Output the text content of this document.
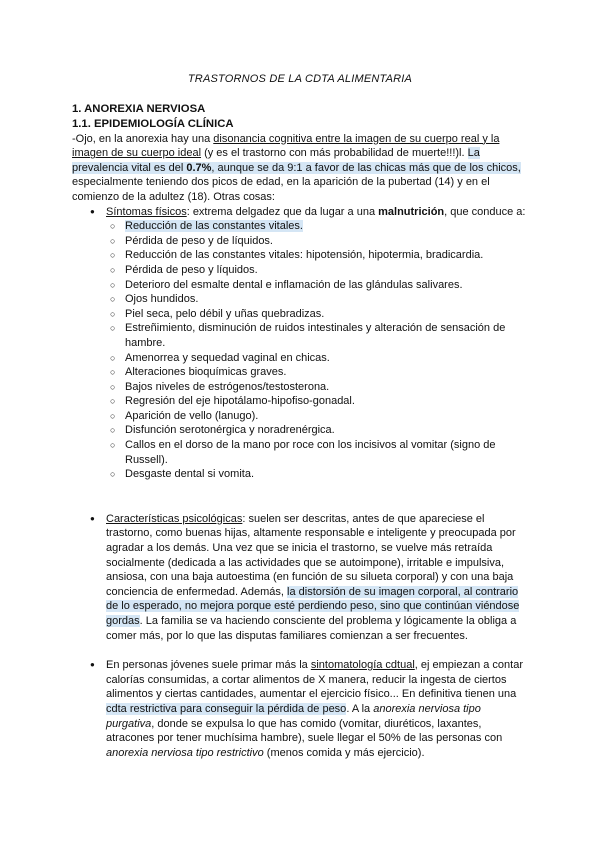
TRASTORNOS DE LA CDTA ALIMENTARIA

1. ANOREXIA NERVIOSA

1.1. EPIDEMIOLOGÍA CLÍNICA

-Ojo, en la anorexia hay una disonancia cognitiva entre la imagen de su cuerpo real y la imagen de su cuerpo ideal (y es el trastorno con más probabilidad de muerte!!!)l. La prevalencia vital es del 0.7%, aunque se da 9:1 a favor de las chicas más que de los chicos, especialmente teniendo dos picos de edad, en la aparición de la pubertad (14) y en el comienzo de la adultez (18). Otras cosas:

● Síntomas físicos: extrema delgadez que da lugar a una malnutrición, que conduce a:
○ Reducción de las constantes vitales.
○ Pérdida de peso y de líquidos.
○ Reducción de las constantes vitales: hipotensión, hipotermia, bradicardia.
○ Pérdida de peso y líquidos.
○ Deterioro del esmalte dental e inflamación de las glándulas salivares.
○ Ojos hundidos.
○ Piel seca, pelo débil y uñas quebradizas.
○ Estreñimiento, disminución de ruidos intestinales y alteración de sensación de hambre.
○ Amenorrea y sequedad vaginal en chicas.
○ Alteraciones bioquímicas graves.
○ Bajos niveles de estrógenos/testosterona.
○ Regresión del eje hipotálamo-hipofiso-gonadal.
○ Aparición de vello (lanugo).
○ Disfunción serotonérgica y noradrenérgica.
○ Callos en el dorso de la mano por roce con los incisivos al vomitar (signo de Russell).
○ Desgaste dental si vomita.
● Características psicológicas: suelen ser descritas, antes de que apareciese el trastorno, como buenas hijas, altamente responsable e inteligente y preocupada por agradar a los demás. Una vez que se inicia el trastorno, se vuelve más retraída socialmente (dedicada a las actividades que se autoimpone), irritable e impulsiva, ansiosa, con una baja autoestima (en función de su silueta corporal) y con una baja conciencia de enfermedad. Además, la distorsión de su imagen corporal, al contrario de lo esperado, no mejora porque esté perdiendo peso, sino que continúan viéndose gordas. La familia se va haciendo consciente del problema y lógicamente la obliga a comer más, por lo que las disputas familiares comienzan a ser frecuentes.
● En personas jóvenes suele primar más la sintomatología cdtual, ej empiezan a contar calorías consumidas, a cortar alimentos de X manera, reducir la ingesta de ciertos alimentos y ciertas cantidades, aumentar el ejercicio físico... En definitiva tienen una cdta restrictiva para conseguir la pérdida de peso. A la anorexia nerviosa tipo purgativa, donde se expulsa lo que has comido (vomitar, diuréticos, laxantes, atracones por tener muchísima hambre), suele llegar el 50% de las personas con anorexia nerviosa tipo restrictivo (menos comida y más ejercicio).
